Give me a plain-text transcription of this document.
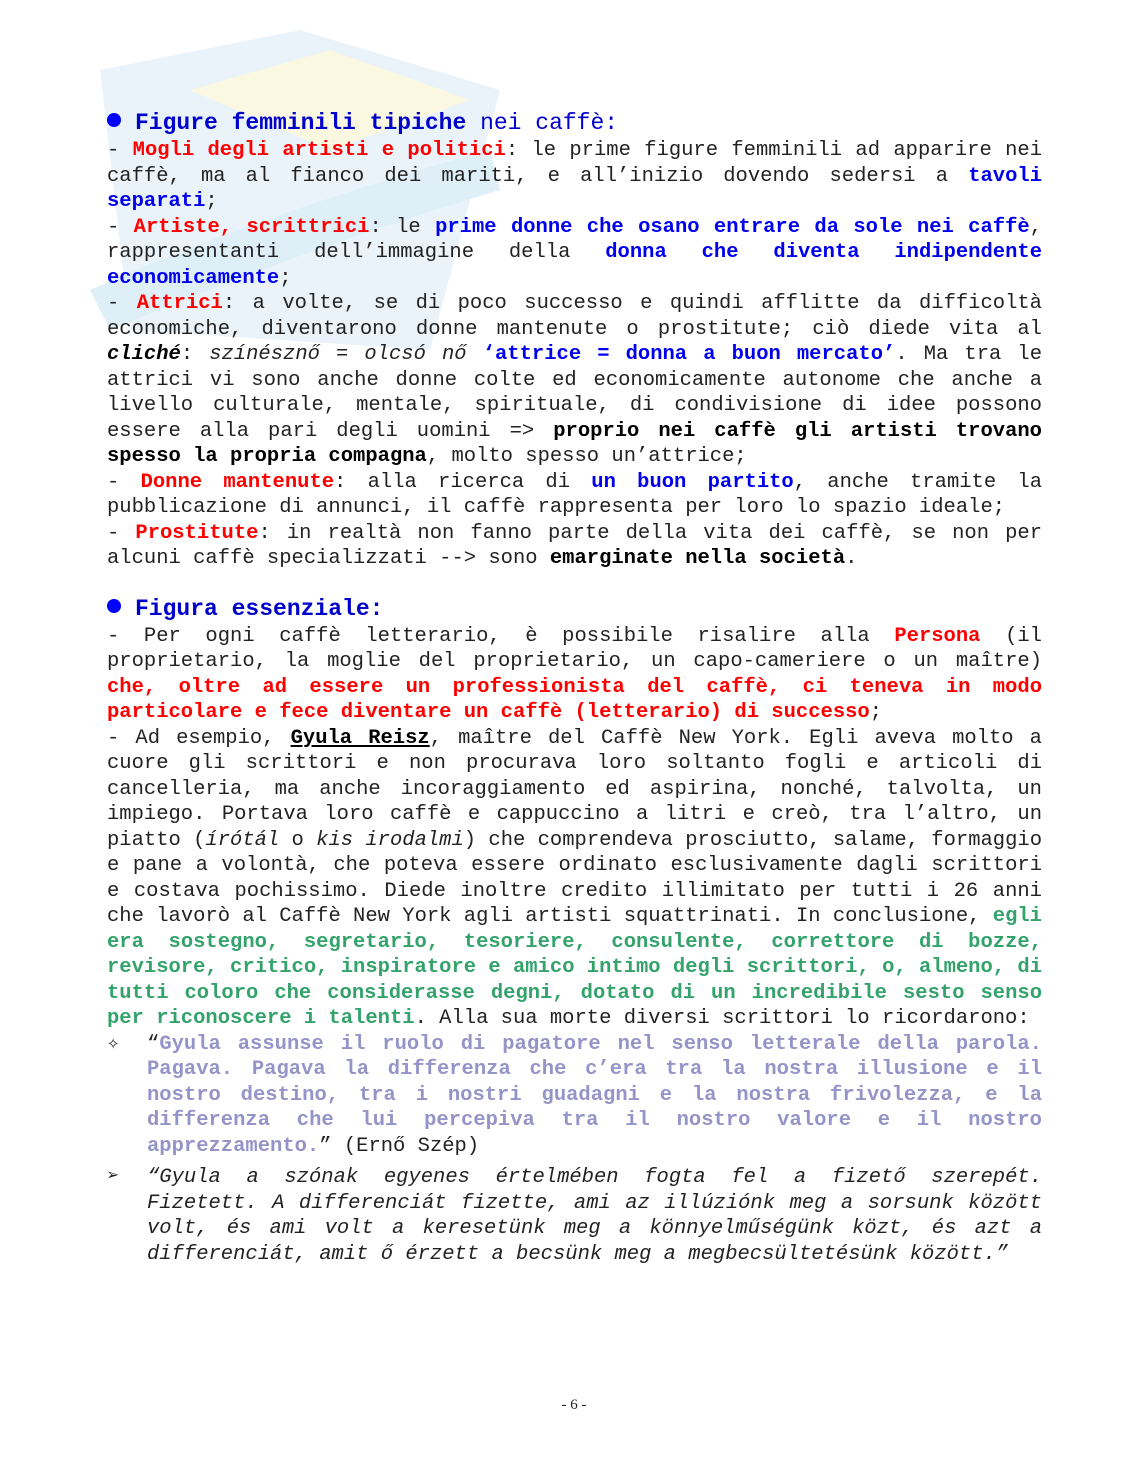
Figure femminili tipiche nei caffè:

- Mogli degli artisti e politici: le prime figure femminili ad apparire nei caffè, ma al fianco dei mariti, e all’inizio dovendo sedersi a tavoli separati;

- Artiste, scrittrici: le prime donne che osano entrare da sole nei caffè, rappresentanti dell’immagine della donna che diventa indipendente economicamente;

- Attrici: a volte, se di poco successo e quindi afflitte da difficoltà economiche, diventarono donne mantenute o prostitute; ciò diede vita al cliché: színésznő = olcsó nő ‘attrice = donna a buon mercato’. Ma tra le attrici vi sono anche donne colte ed economicamente autonome che anche a livello culturale, mentale, spirituale, di condivisione di idee possono essere alla pari degli uomini => proprio nei caffè gli artisti trovano spesso la propria compagna, molto spesso un’attrice;

- Donne mantenute: alla ricerca di un buon partito, anche tramite la pubblicazione di annunci, il caffè rappresenta per loro lo spazio ideale;

- Prostitute: in realtà non fanno parte della vita dei caffè, se non per alcuni caffè specializzati --> sono emarginate nella società.

Figura essenziale:

- Per ogni caffè letterario, è possibile risalire alla Persona (il proprietario, la moglie del proprietario, un capo-cameriere o un maître) che, oltre ad essere un professionista del caffè, ci teneva in modo particolare e fece diventare un caffè (letterario) di successo;

- Ad esempio, Gyula Reisz, maître del Caffè New York. Egli aveva molto a cuore gli scrittori e non procurava loro soltanto fogli e articoli di cancelleria, ma anche incoraggiamento ed aspirina, nonché, talvolta, un impiego. Portava loro caffè e cappuccino a litri e creò, tra l’altro, un piatto (írótál o kis irodalmi) che comprendeva prosciutto, salame, formaggio e pane a volontà, che poteva essere ordinato esclusivamente dagli scrittori e costava pochissimo. Diede inoltre credito illimitato per tutti i 26 anni che lavorò al Caffè New York agli artisti squattrinati. In conclusione, egli era sostegno, segretario, tesoriere, consulente, correttore di bozze, revisore, critico, inspiratore e amico intimo degli scrittori, o, almeno, di tutti coloro che considerasse degni, dotato di un incredibile sesto senso per riconoscere i talenti. Alla sua morte diversi scrittori lo ricordarono:

✧	“Gyula assunse il ruolo di pagatore nel senso letterale della parola. Pagava. Pagava la differenza che c’era tra la nostra illusione e il nostro destino, tra i nostri guadagni e la nostra frivolezza, e la differenza che lui percepiva tra il nostro valore e il nostro apprezzamento.” (Ernő Szép)
➢	“Gyula a szónak egyenes értelmében fogta fel a fizető szerepét. Fizetett. A differenciát fizette, ami az illúziónk meg a sorsunk között volt, és ami volt a keresetünk meg a könnyelműségünk közt, és azt a differenciát, amit ő érzett a becsünk meg a megbecsültetésünk között.”
- 6 -
